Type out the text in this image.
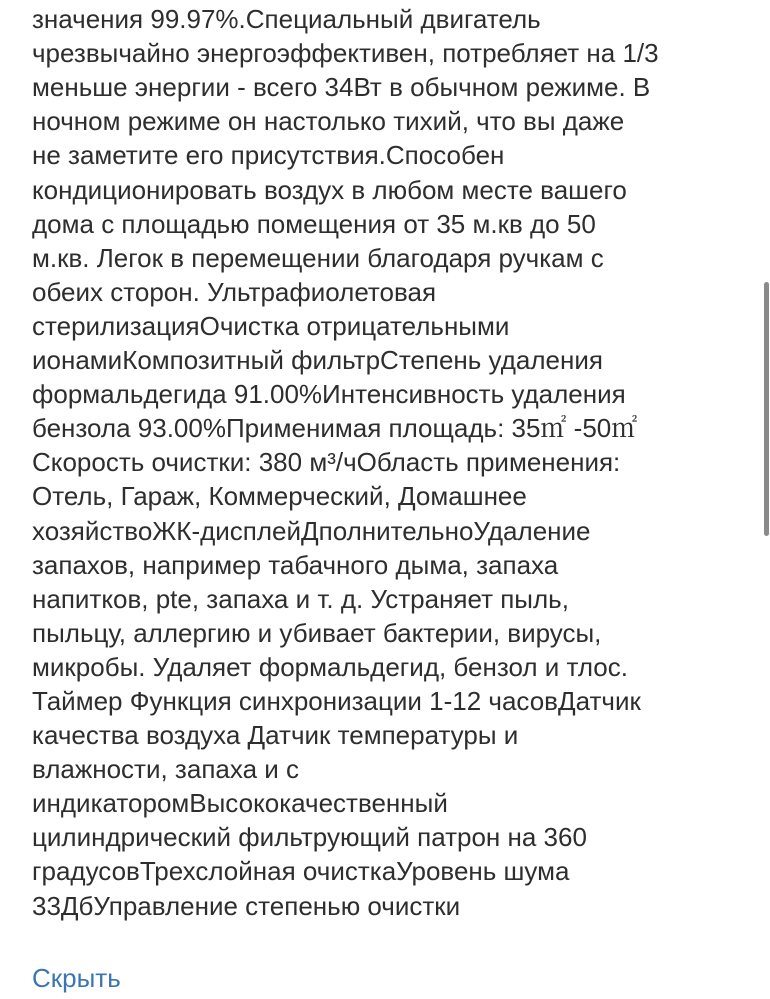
значения 99.97%.Специальный двигатель
чрезвычайно энергоэффективен, потребляет на 1/3
меньше энергии - всего 34Вт в обычном режиме. В
ночном режиме он настолько тихий, что вы даже
не заметите его присутствия.Способен
кондиционировать воздух в любом месте вашего
дома с площадью помещения от 35 м.кв до 50
м.кв. Легок в перемещении благодаря ручкам с
обеих сторон. Ультрафиолетовая
стерилизацияОчистка отрицательными
ионамиКомпозитный фильтрСтепень удаления
формальдегида 91.00%Интенсивность удаления
бензола 93.00%Применимая площадь: 35㎡ -50㎡
Скорость очистки: 380 м³/чОбласть применения:
Отель, Гараж, Коммерческий, Домашнее
хозяйствоЖК-дисплейДполнительноУдаление
запахов, например табачного дыма, запаха
напитков, pte, запаха и т. д. Устраняет пыль,
пыльцу, аллергию и убивает бактерии, вирусы,
микробы. Удаляет формальдегид, бензол и тлос.
Таймер Функция синхронизации 1-12 часовДатчик
качества воздуха Датчик температуры и
влажности, запаха и с
индикаторомВысококачественный
цилиндрический фильтрующий патрон на 360
градусовТрехслойная очисткаУровень шума
33ДбУправление степенью очистки

Скрыть
